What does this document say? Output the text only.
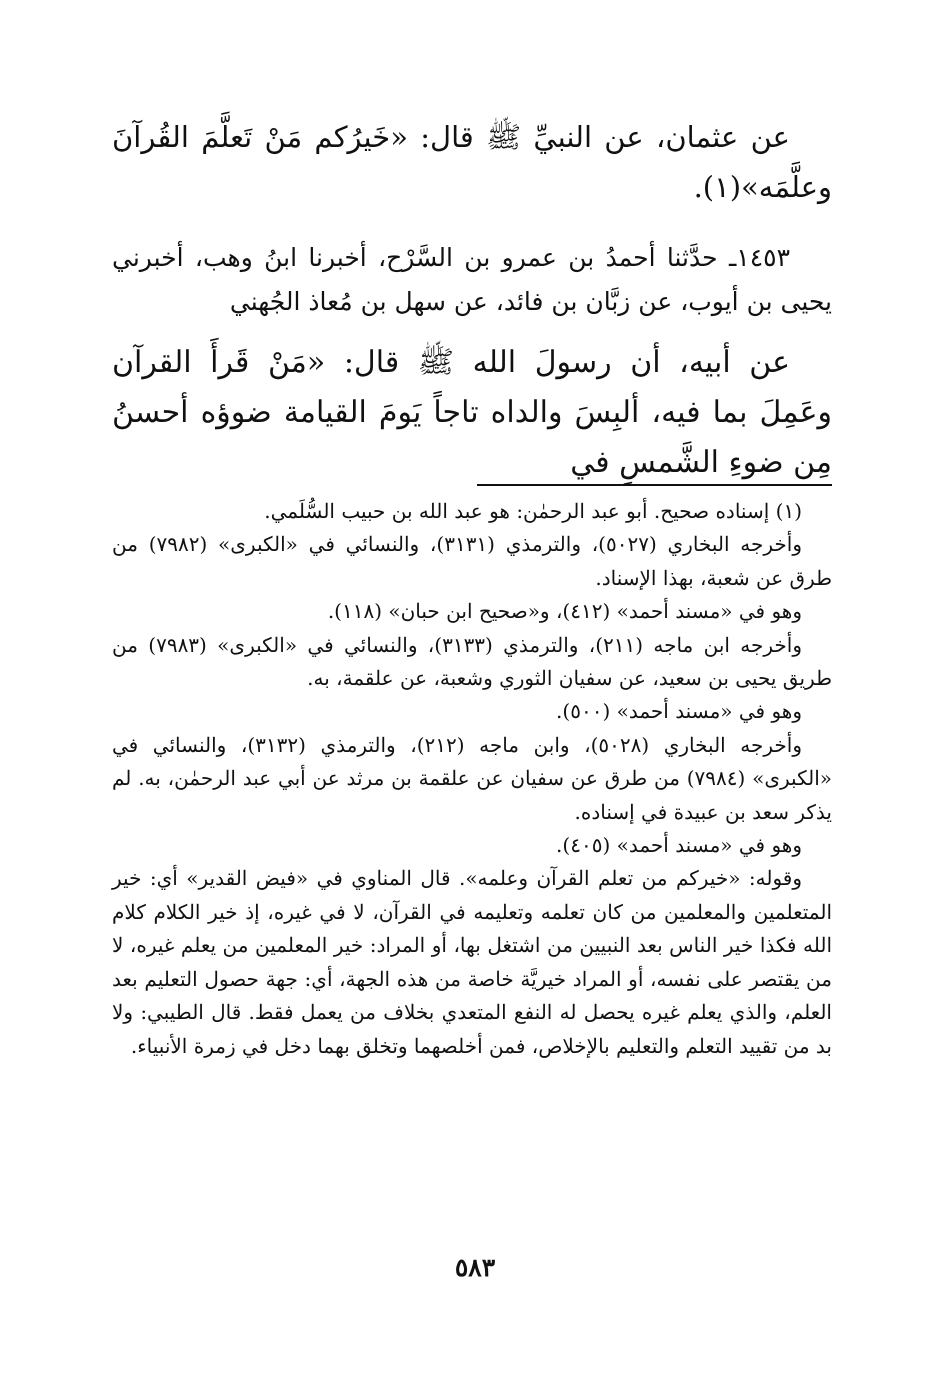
عن عثمان، عن النبيِّ ﷺ قال: «خَيرُكم مَنْ تَعلَّمَ القُرآنَ وعلَّمَه»(١).

١٤٥٣ـ حدَّثنا أحمدُ بن عمرو بن السَّرْح، أخبرنا ابنُ وهب، أخبرني يحيى بن أيوب، عن زبَّان بن فائد، عن سهل بن مُعاذ الجُهني

عن أبيه، أن رسولَ الله ﷺ قال: «مَنْ قَرأَ القرآن وعَمِلَ بما فيه، ألبِسَ والداه تاجاً يَومَ القيامة ضوؤه أحسنُ مِن ضوءِ الشَّمسِ في

(١) إسناده صحيح. أبو عبد الرحمٰن: هو عبد الله بن حبيب السُّلَمي.

وأخرجه البخاري (٥٠٢٧)، والترمذي (٣١٣١)، والنسائي في «الكبرى» (٧٩٨٢) من طرق عن شعبة، بهذا الإسناد.

وهو في «مسند أحمد» (٤١٢)، و«صحيح ابن حبان» (١١٨).

وأخرجه ابن ماجه (٢١١)، والترمذي (٣١٣٣)، والنسائي في «الكبرى» (٧٩٨٣) من طريق يحيى بن سعيد، عن سفيان الثوري وشعبة، عن علقمة، به.

وهو في «مسند أحمد» (٥٠٠).

وأخرجه البخاري (٥٠٢٨)، وابن ماجه (٢١٢)، والترمذي (٣١٣٢)، والنسائي في «الكبرى» (٧٩٨٤) من طرق عن سفيان عن علقمة بن مرثد عن أبي عبد الرحمٰن، به. لم يذكر سعد بن عبيدة في إسناده.

وهو في «مسند أحمد» (٤٠٥).

وقوله: «خيركم من تعلم القرآن وعلمه». قال المناوي في «فيض القدير» أي: خير المتعلمين والمعلمين من كان تعلمه وتعليمه في القرآن، لا في غيره، إذ خير الكلام كلام الله فكذا خير الناس بعد النبيين من اشتغل بها، أو المراد: خير المعلمين من يعلم غيره، لا من يقتصر على نفسه، أو المراد خيريَّة خاصة من هذه الجهة، أي: جهة حصول التعليم بعد العلم، والذي يعلم غيره يحصل له النفع المتعدي بخلاف من يعمل فقط. قال الطيبي: ولا بد من تقييد التعلم والتعليم بالإخلاص، فمن أخلصهما وتخلق بهما دخل في زمرة الأنبياء.

٥٨٣
